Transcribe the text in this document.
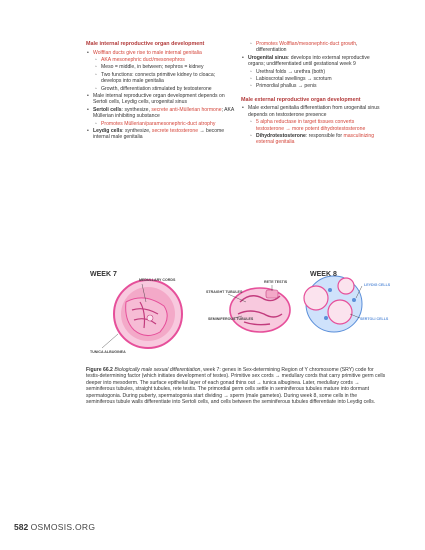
Male internal reproductive organ development
• Wolffian ducts give rise to male internal genitalia
◦ AKA mesonephric duct/mesonephros
◦ Meso = middle, in between; nephros = kidney
◦ Two functions: connects primitive kidney to cloaca; develops into male genitalia
◦ Growth, differentiation stimulated by testosterone
• Male internal reproductive organ development depends on Sertoli cells, Leydig cells, urogenital sinus
• Sertoli cells: synthesize, secrete anti-Müllerian hormone; AKA Müllerian inhibiting substance
◦ Promotes Müllerian/paramesonephric-duct atrophy
• Leydig cells: synthesize, secrete testosterone → become internal male genitalia
◦ Promotes Wolffian/mesonephric-duct growth, differentiation
• Urogenital sinus: develops into external reproductive organs; undifferentiated until gestational week 9
◦ Urethral folds → urethra (both)
◦ Labioscrotal swellings → scrotum
◦ Primordial phallus → penis
Male external reproductive organ development
• Male external genitalia differentiation from urogenital sinus depends on testosterone presence
◦ 5 alpha reductase in target tissues converts testosterone → more potent dihydrotestosterone
◦ Dihydrotestosterone: responsible for masculinizing external genitalia
WEEK 7
MEDULLARY CORDS
TUNICA ALBUGINEA
STRAIGHT TUBULES
RETE TESTIS
SEMINIFEROUS TUBULES
WEEK 8
LEYDIG CELLS
SERTOLI CELLS
Figure 66.2 Biologically male sexual differentiation, week 7: genes in Sex-determining Region of Y chromosome (SRY) code for testis-determining factor (which initiates development of testes). Primitive sex cords → medullary cords that carry primitive germ cells deeper into mesoderm. The surface epithelial layer of each gonad thins out → tunica albuginea. Later, medullary cords → seminiferous tubules, straight tubules, rete testis. The primordial germ cells settle in seminiferous tubules mature into dormant spermatogonia. During puberty, spermatogonia start dividing → sperm (male gametes). During week 8, some cells in the seminiferous tubule walls differentiate into Sertoli cells, and cells between the seminiferous tubules differentiate into Leydig cells.
582 OSMOSIS.ORG
